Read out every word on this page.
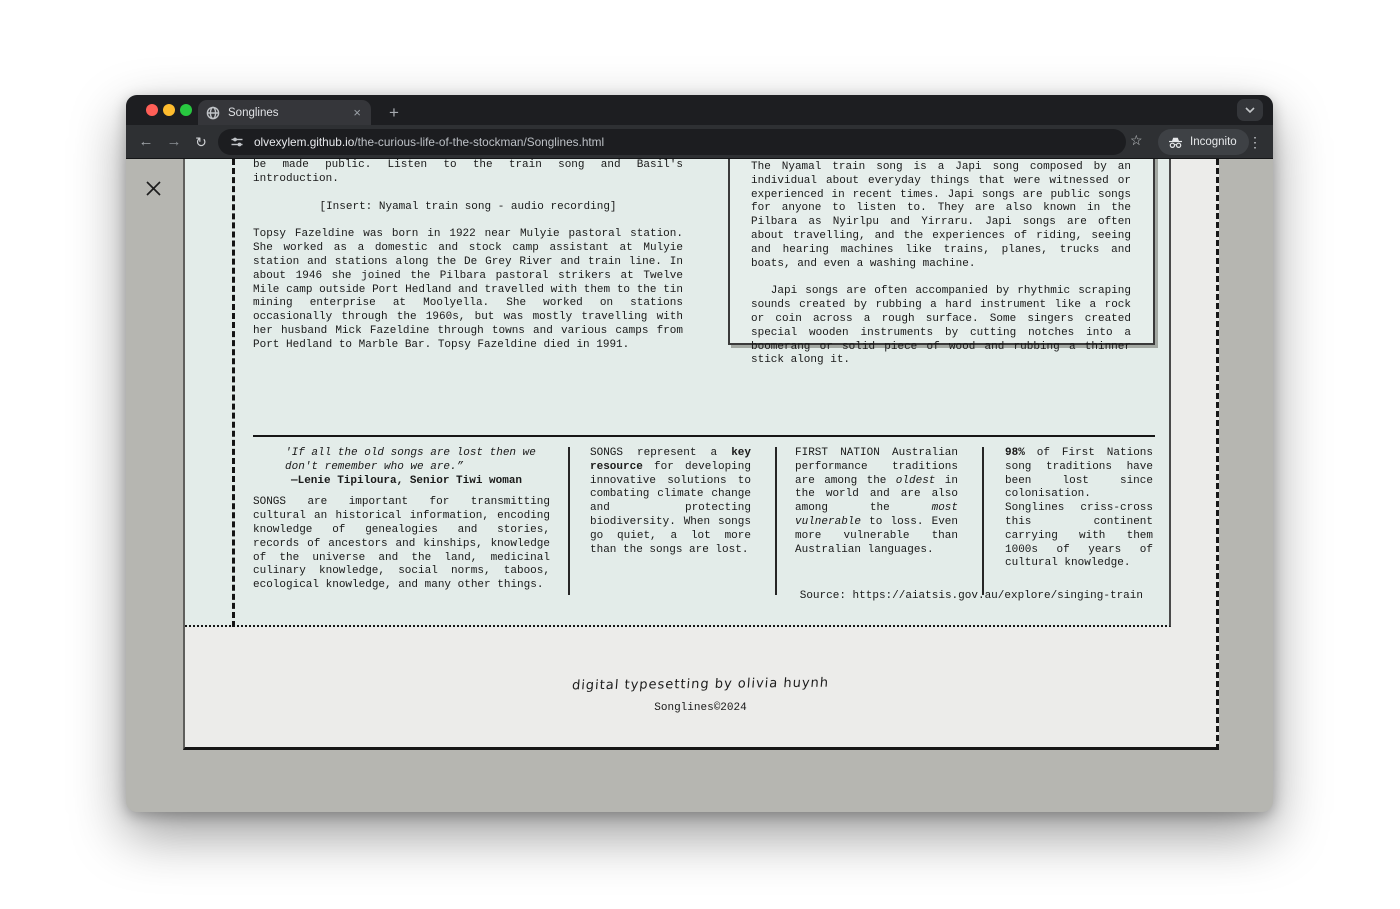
Songlines	×	+
← → ↻	olvexylem.github.io/the-curious-life-of-the-stockman/Songlines.html	☆	Incognito ⋮

be made public. Listen to the train song and Basil's introduction.

[Insert: Nyamal train song - audio recording]

Topsy Fazeldine was born in 1922 near Mulyie pastoral station. She worked as a domestic and stock camp assistant at Mulyie station and stations along the De Grey River and train line. In about 1946 she joined the Pilbara pastoral strikers at Twelve Mile camp outside Port Hedland and travelled with them to the tin mining enterprise at Moolyella. She worked on stations occasionally through the 1960s, but was mostly travelling with her husband Mick Fazeldine through towns and various camps from Port Hedland to Marble Bar. Topsy Fazeldine died in 1991.

The Nyamal train song is a Japi song composed by an individual about everyday things that were witnessed or experienced in recent times. Japi songs are public songs for anyone to listen to. They are also known in the Pilbara as Nyirlpu and Yirraru. Japi songs are often about travelling, and the experiences of riding, seeing and hearing machines like trains, planes, trucks and boats, and even a washing machine.

Japi songs are often accompanied by rhythmic scraping sounds created by rubbing a hard instrument like a rock or coin across a rough surface. Some singers created special wooden instruments by cutting notches into a boomerang or solid piece of wood and rubbing a thinner stick along it.

'If all the old songs are lost then we don't remember who we are.”
—Lenie Tipiloura, Senior Tiwi woman
SONGS are important for transmitting cultural an historical information, encoding knowledge of genealogies and stories, records of ancestors and kinships, knowledge of the universe and the land, medicinal culinary knowledge, social norms, taboos, ecological knowledge, and many other things.
SONGS represent a key resource for developing innovative solutions to combating climate change and protecting biodiversity. When songs go quiet, a lot more than the songs are lost.
FIRST NATION Australian performance traditions are among the oldest in the world and are also among the most vulnerable to loss. Even more vulnerable than Australian languages.
98% of First Nations song traditions have been lost since colonisation. Songlines criss-cross this continent carrying with them 1000s of years of cultural knowledge.
Source: https://aiatsis.gov.au/explore/singing-train
digital typesetting by olivia huynh
Songlines©2024
